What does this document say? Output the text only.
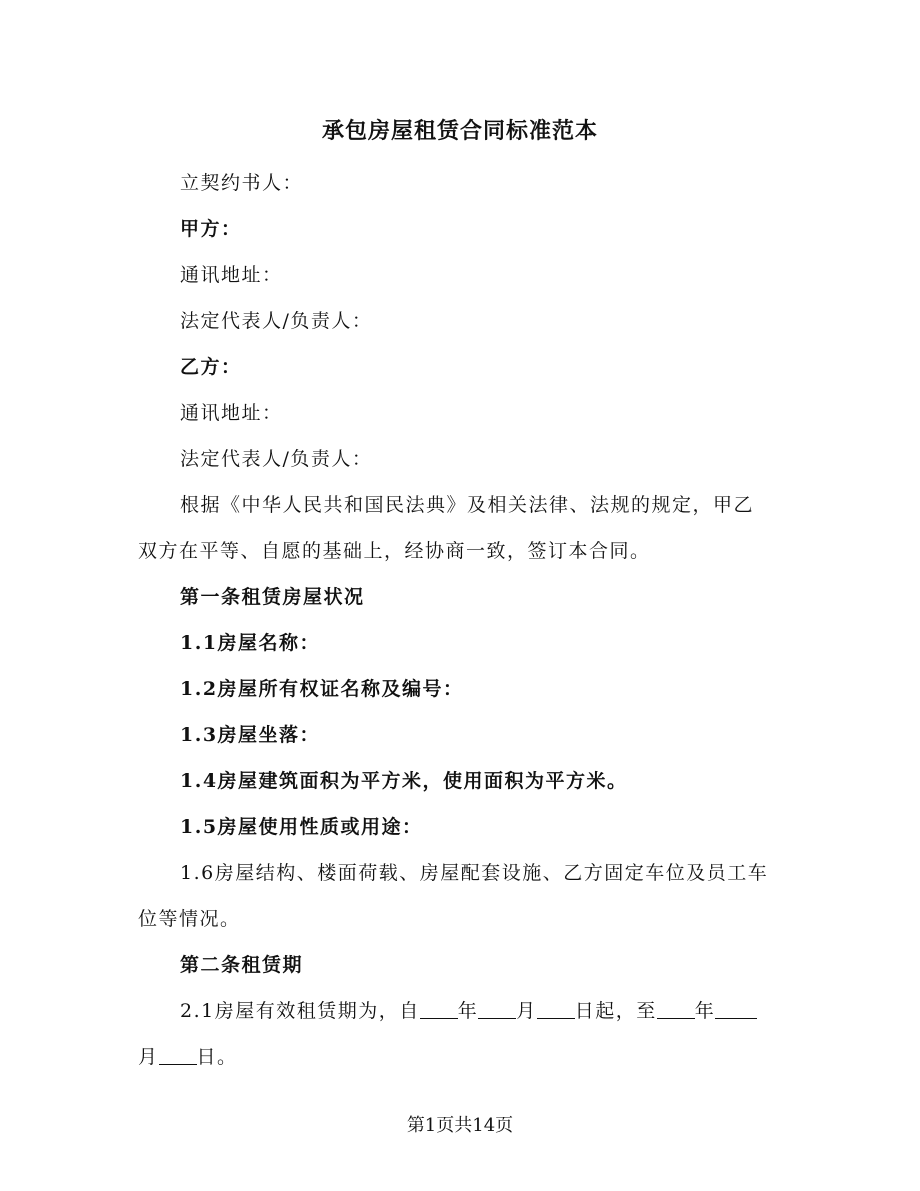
承包房屋租赁合同标准范本
立契约书人：
甲方：
通讯地址：
法定代表人/负责人：
乙方：
通讯地址：
法定代表人/负责人：
根据《中华人民共和国民法典》及相关法律、法规的规定，甲乙
双方在平等、自愿的基础上，经协商一致，签订本合同。
第一条租赁房屋状况
1.1房屋名称：
1.2房屋所有权证名称及编号：
1.3房屋坐落：
1.4房屋建筑面积为平方米，使用面积为平方米。
1.5房屋使用性质或用途：
1.6房屋结构、楼面荷载、房屋配套设施、乙方固定车位及员工车
位等情况。
第二条租赁期
2.1房屋有效租赁期为，自 年 月 日起，至 年
月 日。
第1页共14页
